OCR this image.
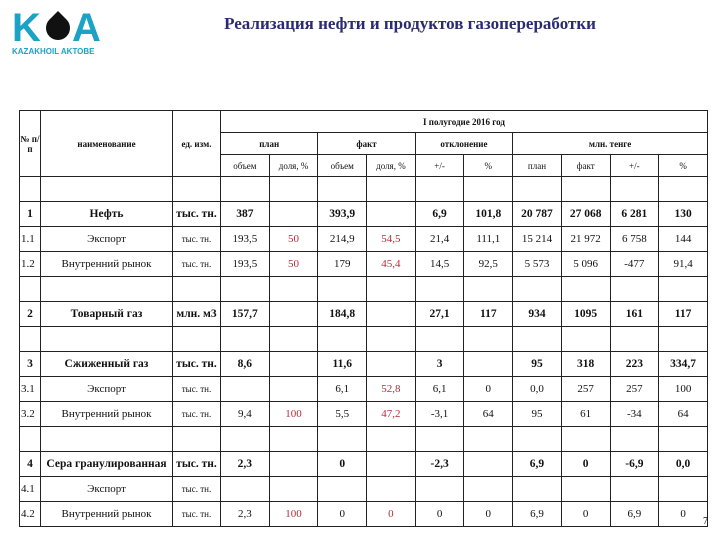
K A
KAZAKHOIL AKTOBE
Реализация нефти и продуктов газопереработки
№ п/п	наименование	ед. изм.	I полугодие 2016 год									
			план		факт		отклонение		млн. тенге			
			объем	доля, %	объем	доля, %	+/-	%	план	факт	+/-	%

1	Нефть	тыс. тн.	387		393,9		6,9	101,8	20 787	27 068	6 281	130
1.1	Экспорт	тыс. тн.	193,5	50	214,9	54,5	21,4	111,1	15 214	21 972	6 758	144
1.2	Внутренний рынок	тыс. тн.	193,5	50	179	45,4	14,5	92,5	5 573	5 096	-477	91,4

2	Товарный газ	млн. м3	157,7		184,8		27,1	117	934	1095	161	117

3	Сжиженный газ	тыс. тн.	8,6		11,6		3		95	318	223	334,7
3.1	Экспорт	тыс. тн.			6,1	52,8	6,1	0	0,0	257	257	100
3.2	Внутренний рынок	тыс. тн.	9,4	100	5,5	47,2	-3,1	64	95	61	-34	64

4	Сера гранулированная	тыс. тн.	2,3		0		-2,3		6,9	0	-6,9	0,0
4.1	Экспорт	тыс. тн.										
4.2	Внутренний рынок	тыс. тн.	2,3	100	0	0	0	0	6,9	0	6,9	0
7
